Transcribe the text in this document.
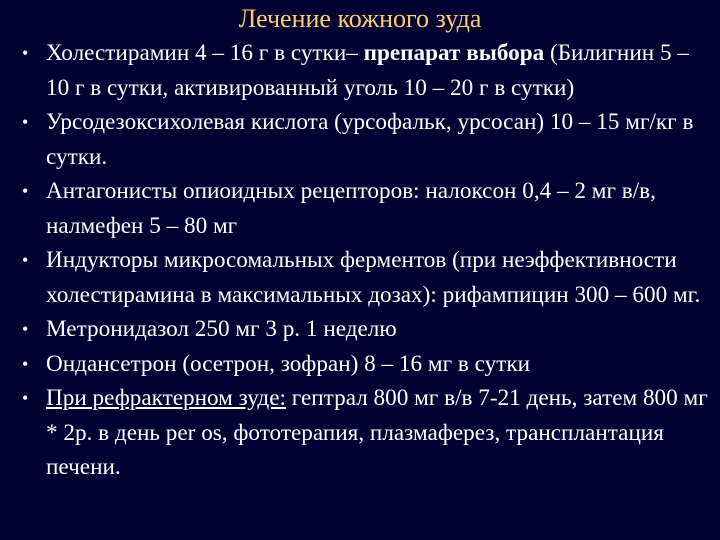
Лечение кожного зуда
• Холестирамин 4 – 16 г в сутки– препарат выбора (Билигнин 5 – 10 г в сутки, активированный уголь 10 – 20 г в сутки)
• Урсодезоксихолевая кислота (урсофальк, урсосан) 10 – 15 мг/кг в сутки.
• Антагонисты опиоидных рецепторов: налоксон 0,4 – 2 мг в/в, налмефен 5 – 80 мг
• Индукторы микросомальных ферментов (при неэффективности холестирамина в максимальных дозах): рифампицин 300 – 600 мг.
• Метронидазол 250 мг 3 р. 1 неделю
• Ондансетрон (осетрон, зофран) 8 – 16 мг в сутки
• При рефрактерном зуде: гептрал 800 мг в/в 7-21 день, затем 800 мг * 2р. в день per os, фототерапия, плазмаферез, трансплантация печени.
